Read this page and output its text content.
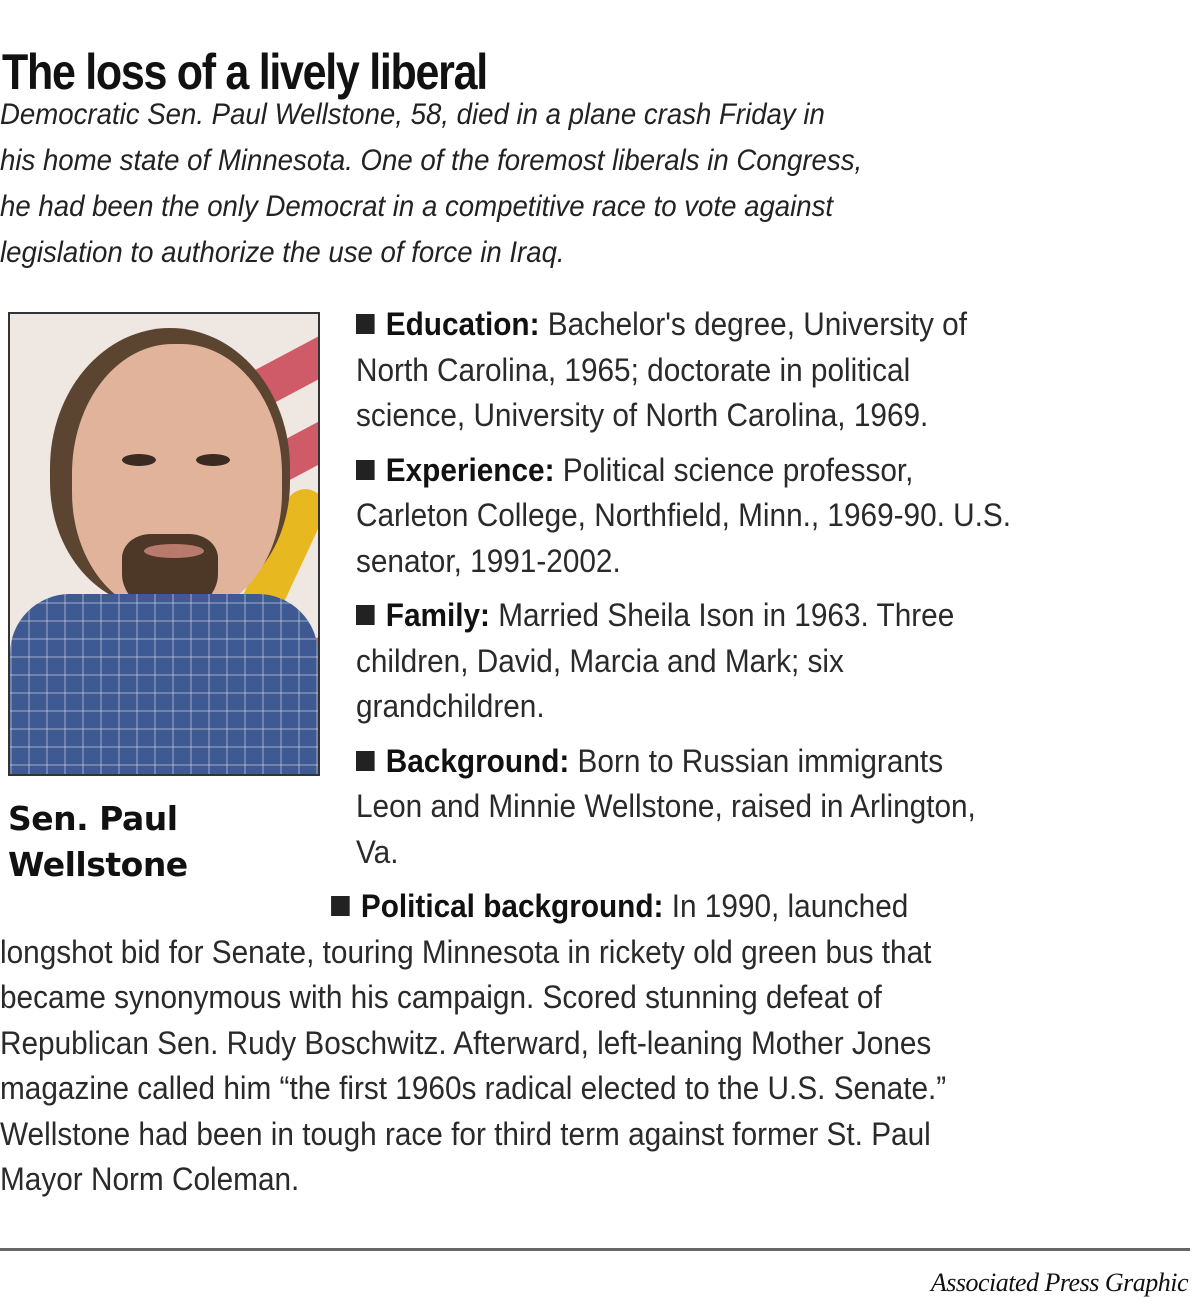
The loss of a lively liberal
Democratic Sen. Paul Wellstone, 58, died in a plane crash Friday in
his home state of Minnesota. One of the foremost liberals in Congress,
he had been the only Democrat in a competitive race to vote against
legislation to authorize the use of force in Iraq.
Sen. Paul
Wellstone
Education: Bachelor's degree, University of
North Carolina, 1965; doctorate in political
science, University of North Carolina, 1969.
Experience: Political science professor,
Carleton College, Northfield, Minn., 1969-90. U.S.
senator, 1991-2002.
Family: Married Sheila Ison in 1963. Three
children, David, Marcia and Mark; six
grandchildren.
Background: Born to Russian immigrants
Leon and Minnie Wellstone, raised in Arlington,
Va.
Political background: In 1990, launched
longshot bid for Senate, touring Minnesota in rickety old green bus that
became synonymous with his campaign. Scored stunning defeat of
Republican Sen. Rudy Boschwitz. Afterward, left-leaning Mother Jones
magazine called him “the first 1960s radical elected to the U.S. Senate.”
Wellstone had been in tough race for third term against former St. Paul
Mayor Norm Coleman.
Associated Press Graphic
